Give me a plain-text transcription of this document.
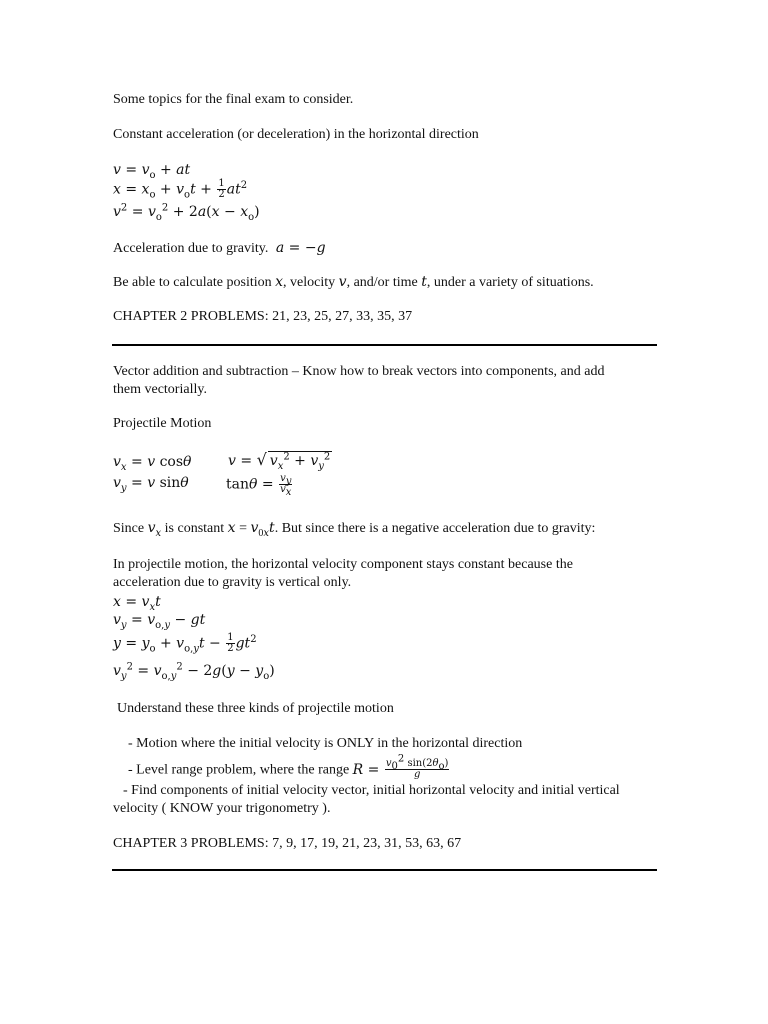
Some topics for the final exam to consider.
Constant acceleration (or deceleration) in the horizontal direction
$v = v_o$ + at
$x = x_o + v_ot + \frac{1}{2} at^2$
$v^2 = v_o^2 + 2a(x - x_o)$
Acceleration due to gravity. a = −g
Be able to calculate position x, velocity v, and/or time t, under a variety of situations.
CHAPTER 2 PROBLEMS: 21, 23, 25, 27, 33, 35, 37
Vector addition and subtraction – Know how to break vectors into components, and add them vectorially.
Projectile Motion
$v_x = v$ cosθ
$v_y = v$ sinθ
v = √ $v_x^2 + v_y^2$
$\tan\theta = \frac{v_y}{v_x}$
Since $v_x$ is constant $x = v_{0x}t$. But since there is a negative acceleration due to gravity:
In projectile motion, the horizontal velocity component stays constant because the acceleration due to gravity is vertical only.
$x = v_xt$
$v_y = v_{o,y}$ − gt
$y = y_o + v_{o,y}t - \frac{1}{2} gt^2$
$v_y^2 = v_{o,y}^2 - 2g(y - y_o)$
Understand these three kinds of projectile motion
- Motion where the initial velocity is ONLY in the horizontal direction
- Level range problem, where the range $R = \frac{v_0^2 \sin(2\theta_o)}{g}$
- Find components of initial velocity vector, initial horizontal velocity and initial vertical velocity ( KNOW your trigonometry ).
CHAPTER 3 PROBLEMS: 7, 9, 17, 19, 21, 23, 31, 53, 63, 67
